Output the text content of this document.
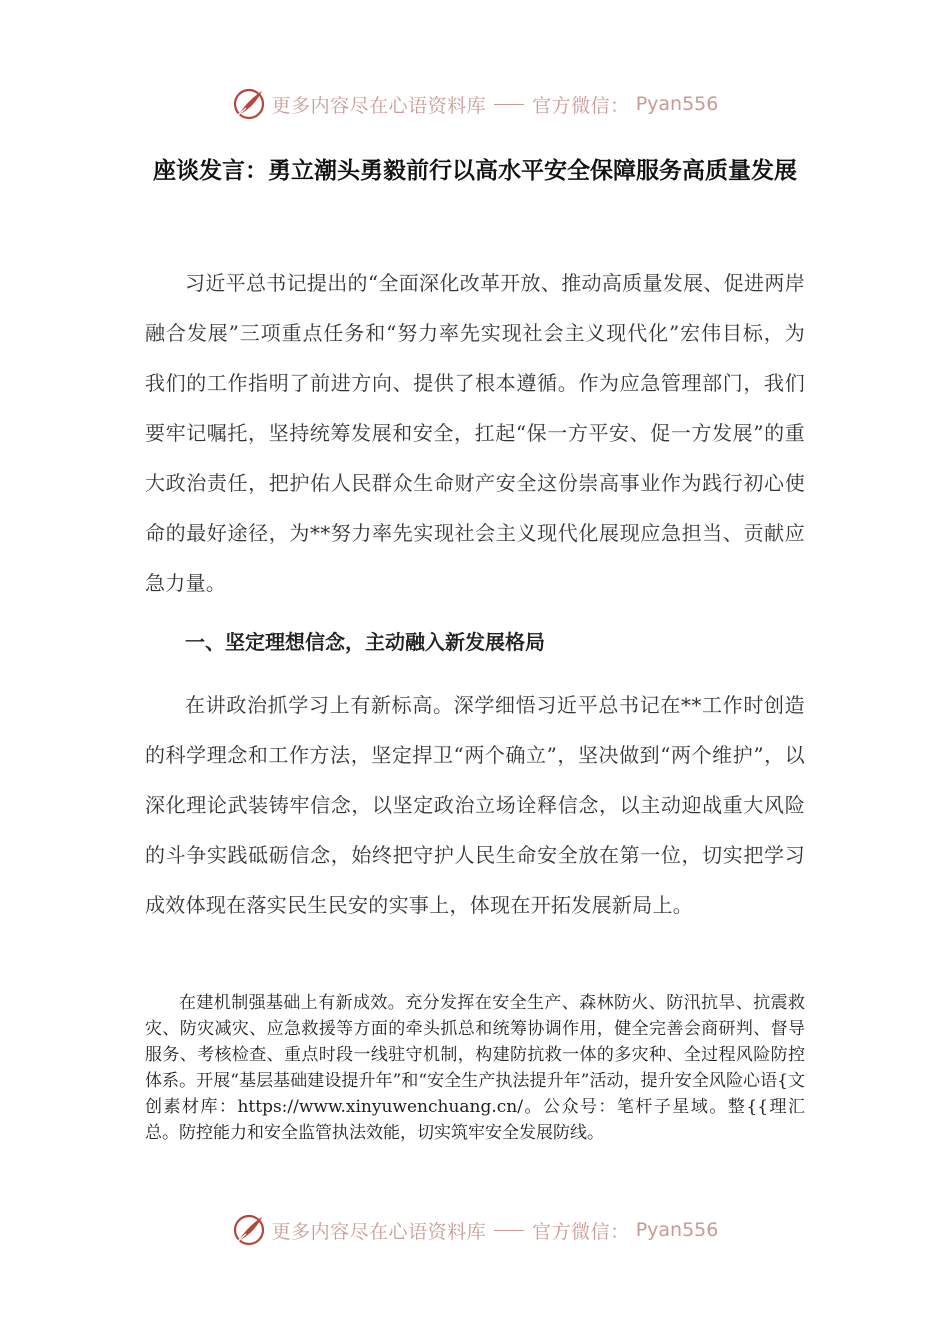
更多内容尽在心语资料库 官方微信： Pyan556
座谈发言：勇立潮头勇毅前行以高水平安全保障服务高质量发展

习近平总书记提出的“全面深化改革开放、推动高质量发展、促进两岸融合发展”三项重点任务和“努力率先实现社会主义现代化”宏伟目标，为我们的工作指明了前进方向、提供了根本遵循。作为应急管理部门，我们要牢记嘱托，坚持统筹发展和安全，扛起“保一方平安、促一方发展”的重大政治责任，把护佑人民群众生命财产安全这份崇高事业作为践行初心使命的最好途径，为**努力率先实现社会主义现代化展现应急担当、贡献应急力量。

一、坚定理想信念，主动融入新发展格局

在讲政治抓学习上有新标高。深学细悟习近平总书记在**工作时创造的科学理念和工作方法，坚定捍卫“两个确立”，坚决做到“两个维护”，以深化理论武装铸牢信念，以坚定政治立场诠释信念，以主动迎战重大风险的斗争实践砥砺信念，始终把守护人民生命安全放在第一位，切实把学习成效体现在落实民生民安的实事上，体现在开拓发展新局上。

在建机制强基础上有新成效。充分发挥在安全生产、森林防火、防汛抗旱、抗震救灾、防灾减灾、应急救援等方面的牵头抓总和统筹协调作用，健全完善会商研判、督导服务、考核检查、重点时段一线驻守机制，构建防抗救一体的多灾种、全过程风险防控体系。开展“基层基础建设提升年”和“安全生产执法提升年”活动，提升安全风险心语{文创素材库：https://www.xinyuwenchuang.cn/。公众号：笔杆子星域。整{{理汇总。防控能力和安全监管执法效能，切实筑牢安全发展防线。

更多内容尽在心语资料库 官方微信： Pyan556
